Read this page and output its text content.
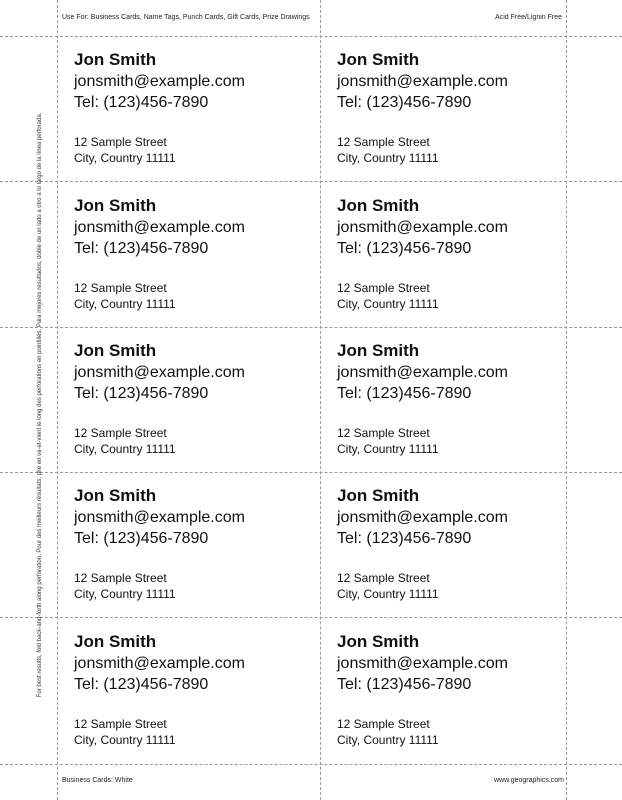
Use For: Business Cards, Name Tags, Punch Cards, Gift Cards, Prize Drawings	Acid Free/Lignin Free
For best results, fold back-and-forth along perforation. Pour des meilleurs résultats, plié en va-et-vient le long des perforations en pointillés. Para mejores resultados, doble de un lado a otro a lo largo de la línea perforada.
Jon Smith
jonsmith@example.com
Tel: (123)456-7890
12 Sample Street
City, Country 11111
Jon Smith
jonsmith@example.com
Tel: (123)456-7890
12 Sample Street
City, Country 11111
Jon Smith
jonsmith@example.com
Tel: (123)456-7890
12 Sample Street
City, Country 11111
Jon Smith
jonsmith@example.com
Tel: (123)456-7890
12 Sample Street
City, Country 11111
Jon Smith
jonsmith@example.com
Tel: (123)456-7890
12 Sample Street
City, Country 11111
Jon Smith
jonsmith@example.com
Tel: (123)456-7890
12 Sample Street
City, Country 11111
Jon Smith
jonsmith@example.com
Tel: (123)456-7890
12 Sample Street
City, Country 11111
Jon Smith
jonsmith@example.com
Tel: (123)456-7890
12 Sample Street
City, Country 11111
Jon Smith
jonsmith@example.com
Tel: (123)456-7890
12 Sample Street
City, Country 11111
Jon Smith
jonsmith@example.com
Tel: (123)456-7890
12 Sample Street
City, Country 11111
Business Cards: White	www.geographics.com
